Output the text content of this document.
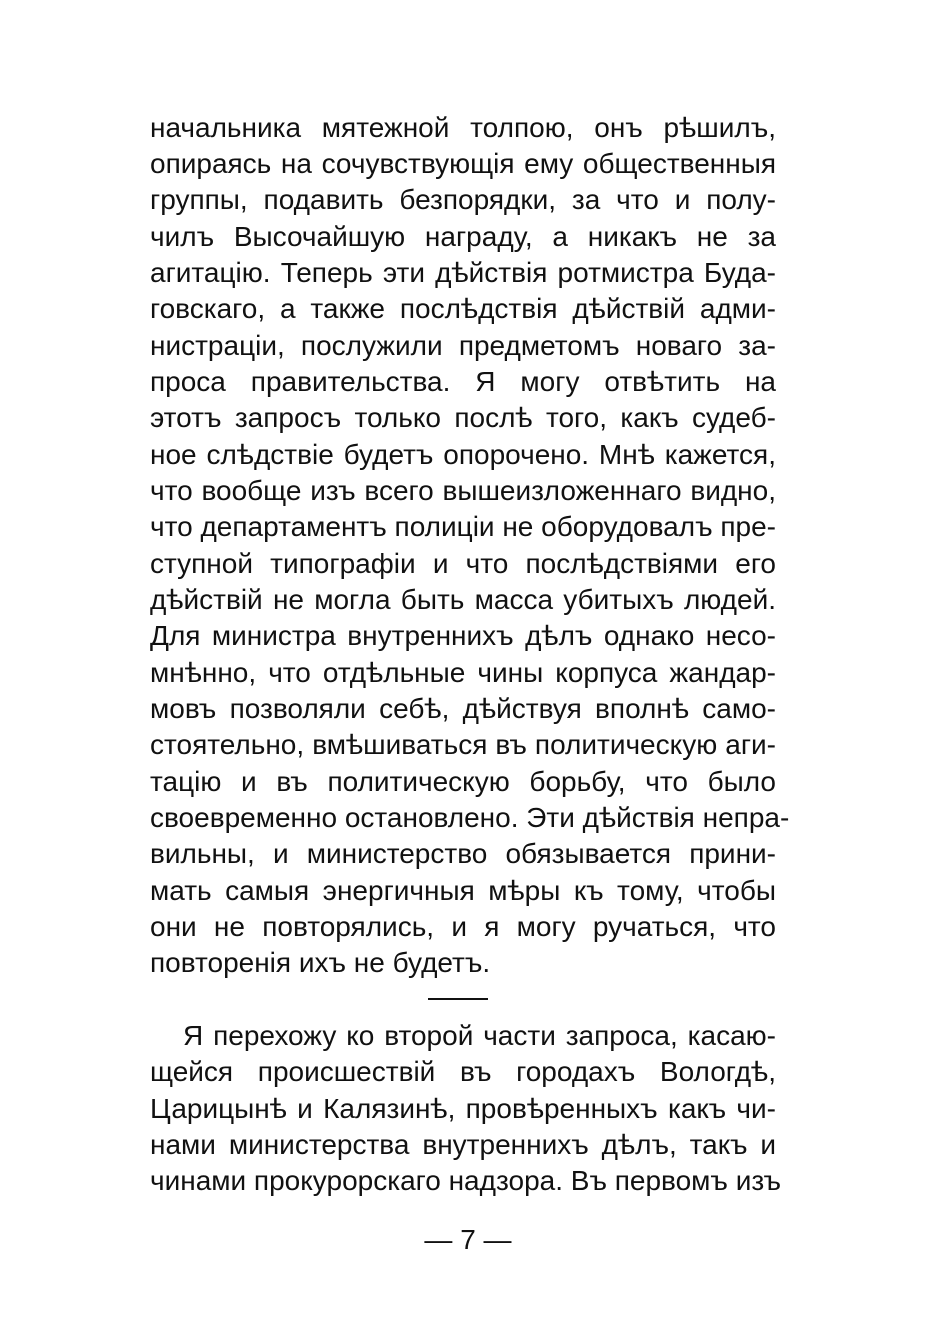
начальника мятежной толпою, онъ рѣшилъ,
опираясь на сочувствующія ему общественныя
группы, подавить безпорядки, за что и полу-
чилъ Высочайшую награду, а никакъ не за
агитацію. Теперь эти дѣйствія ротмистра Буда-
говскаго, а также послѣдствія дѣйствій адми-
нистраціи, послужили предметомъ новаго за-
проса правительства. Я могу отвѣтить на
этотъ запросъ только послѣ того, какъ судеб-
ное слѣдствіе будетъ опорочено. Мнѣ кажется,
что вообще изъ всего вышеизложеннаго видно,
что департаментъ полиціи не оборудовалъ пре-
ступной типографіи и что послѣдствіями его
дѣйствій не могла быть масса убитыхъ людей.
Для министра внутреннихъ дѣлъ однако несо-
мнѣнно, что отдѣльные чины корпуса жандар-
мовъ позволяли себѣ, дѣйствуя вполнѣ само-
стоятельно, вмѣшиваться въ политическую аги-
тацію и въ политическую борьбу, что было
своевременно остановлено. Эти дѣйствія непра-
вильны, и министерство обязывается прини-
мать самыя энергичныя мѣры къ тому, чтобы
они не повторялись, и я могу ручаться, что
повторенія ихъ не будетъ.
Я перехожу ко второй части запроса, касаю-
щейся происшествій въ городахъ Вологдѣ,
Царицынѣ и Калязинѣ, провѣренныхъ какъ чи-
нами министерства внутреннихъ дѣлъ, такъ и
чинами прокурорскаго надзора. Въ первомъ изъ
— 7 —
